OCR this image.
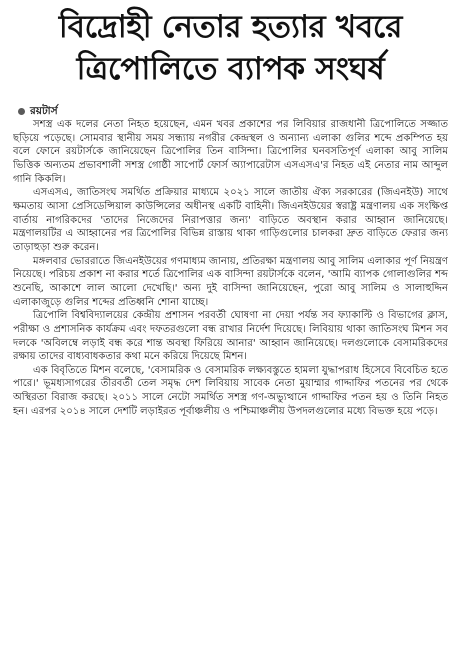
বিদ্রোহী নেতার হত্যার খবরে
ত্রিপোলিতে ব্যাপক সংঘর্ষ
রয়টার্স

সশস্ত্র এক দলের নেতা নিহত হয়েছেন, এমন খবর প্রকাশের পর লিবিয়ার রাজধানী ত্রিপোলিতে সজ্জাত ছড়িয়ে পড়েছে। সোমবার স্থানীয় সময় সন্ধ্যায় নগরীর কেন্দ্রস্থল ও অন্যান্য এলাকা গুলির শব্দে প্রকম্পিত হয় বলে ফোনে রয়টার্সকে জানিয়েছেন ত্রিপোলির তিন বাসিন্দা। ত্রিপোলির ঘনবসতিপূর্ণ এলাকা আবু সালিম ভিত্তিক অন্যতম প্রভাবশালী সশস্ত্র গোষ্ঠী সাপোর্ট ফোর্স অ্যাপারেটাস এসএসএ'র নিহত এই নেতার নাম আব্দুল গানি কিকলি।

এসএসএ, জাতিসংঘ সমর্থিত প্রক্রিয়ার মাধ্যমে ২০২১ সালে জাতীয় ঐক্য সরকারের (জিএনইউ) সাথে ক্ষমতায় আসা প্রেসিডেন্সিয়াল কাউন্সিলের অধীনস্থ একটি বাহিনী। জিএনইউয়ের স্বরাষ্ট্র মন্ত্রণালয় এক সংক্ষিপ্ত বার্তায় নাগরিকদের 'তাদের নিজেদের নিরাপত্তার জন্য' বাড়িতে অবস্থান করার আহ্বান জানিয়েছে। মন্ত্রণালয়টির এ আহ্বানের পর ত্রিপোলির বিভিন্ন রাস্তায় থাকা গাড়িগুলোর চালকরা দ্রুত বাড়িতে ফেরার জন্য তাড়াহুড়া শুরু করেন।

মঙ্গলবার ভোররাতে জিএনইউয়ের গণমাধ্যম জানায়, প্রতিরক্ষা মন্ত্রণালয় আবু সালিম এলাকার পূর্ণ নিয়ন্ত্রণ নিয়েছে। পরিচয় প্রকাশ না করার শর্তে ত্রিপোলির এক বাসিন্দা রয়টার্সকে বলেন, 'আমি ব্যাপক গোলাগুলির শব্দ শুনেছি, আকাশে লাল আলো দেখেছি।' অন্য দুই বাসিন্দা জানিয়েছেন, পুরো আবু সালিম ও সালাহুদ্দিন এলাকাজুড়ে গুলির শব্দের প্রতিধ্বনি শোনা যাচ্ছে।

ত্রিপোলি বিশ্ববিদ্যালয়ের কেন্দ্রীয় প্রশাসন পরবর্তী ঘোষণা না দেয়া পর্যন্ত সব ফ্যাকাল্টি ও বিভাগের ক্লাস, পরীক্ষা ও প্রশাসনিক কার্যক্রম এবং দফতরগুলো বন্ধ রাখার নির্দেশ দিয়েছে। লিবিয়ায় থাকা জাতিসংঘ মিশন সব দলকে 'অবিলম্বে লড়াই বন্ধ করে শান্ত অবস্থা ফিরিয়ে আনার' আহ্বান জানিয়েছে। দলগুলোকে বেসামরিকদের রক্ষায় তাদের বাধ্যবাধকতার কথা মনে করিয়ে দিয়েছে মিশন।

এক বিবৃতিতে মিশন বলেছে, 'বেসামরিক ও বেসামরিক লক্ষ্যবস্তুতে হামলা যুদ্ধাপরাধ হিসেবে বিবেচিত হতে পারে।' ভূমধ্যসাগরের তীরবর্তী তেল সমৃদ্ধ দেশ লিবিয়ায় সাবেক নেতা মুয়াম্মার গাদ্দাফির পতনের পর থেকে অস্থিরতা বিরাজ করছে। ২০১১ সালে নেটো সমর্থিত সশস্ত্র গণ-অভ্যুত্থানে গাদ্দাফির পতন হয় ও তিনি নিহত হন। এরপর ২০১৪ সালে দেশটি লড়াইরত পূর্বাঞ্চলীয় ও পশ্চিমাঞ্চলীয় উপদলগুলোর মধ্যে বিভক্ত হয়ে পড়ে।
